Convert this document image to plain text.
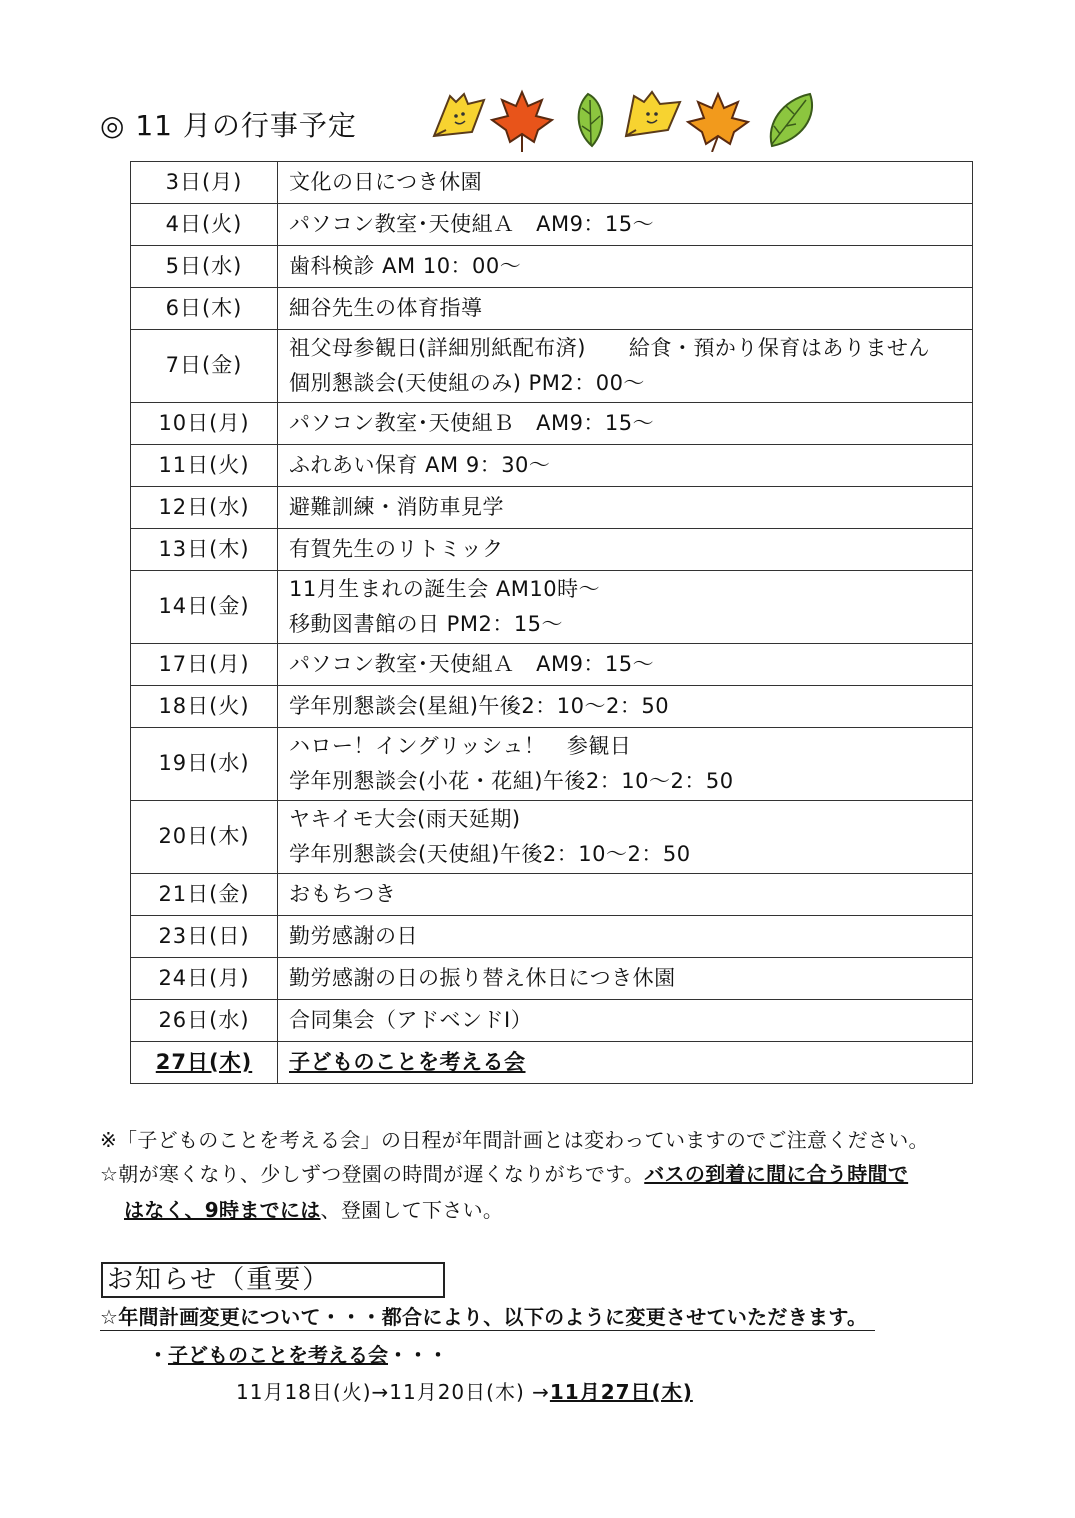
◎ 11 月の行事予定
3日(月)	文化の日につき休園

4日(火)	パソコン教室･天使組Ａ　AM9：15〜

5日(水)	歯科検診 AM 10：00〜

6日(木)	細谷先生の体育指導

7日(金)	祖父母参観日(詳細別紙配布済)　　給食・預かり保育はありません
個別懇談会(天使組のみ) PM2：00〜

10日(月)	パソコン教室･天使組Ｂ　AM9：15〜

11日(火)	ふれあい保育 AM 9：30〜

12日(水)	避難訓練・消防車見学

13日(木)	有賀先生のリトミック

14日(金)	11月生まれの誕生会 AM10時〜
移動図書館の日 PM2：15〜

17日(月)	パソコン教室･天使組Ａ　AM9：15〜

18日(火)	学年別懇談会(星組)午後2：10〜2：50

19日(水)	ハロー！イングリッシュ！　参観日
学年別懇談会(小花・花組)午後2：10〜2：50

20日(木)	ヤキイモ大会(雨天延期)
学年別懇談会(天使組)午後2：10〜2：50

21日(金)	おもちつき

23日(日)	勤労感謝の日

24日(月)	勤労感謝の日の振り替え休日につき休園

26日(水)	合同集会（アドベンドⅠ）

27日(木)	子どものことを考える会
※「子どものことを考える会」の日程が年間計画とは変わっていますのでご注意ください。
☆朝が寒くなり、少しずつ登園の時間が遅くなりがちです。バスの到着に間に合う時間で
はなく、9時までには、登園して下さい。
お知らせ（重要）
☆年間計画変更について・・・都合により、以下のように変更させていただきます。
・子どものことを考える会・・・
11月18日(火)→11月20日(木) →11月27日(木)
